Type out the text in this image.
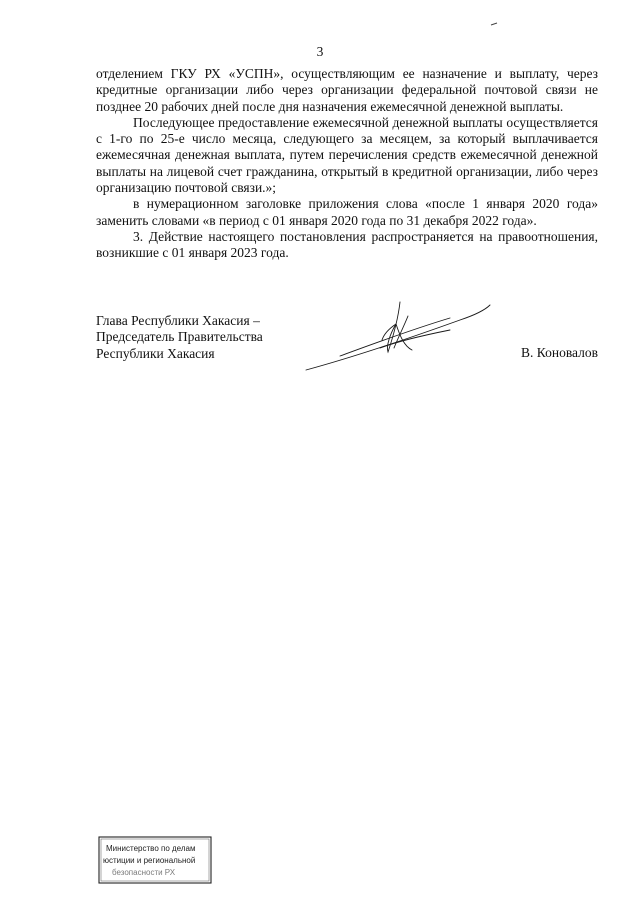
3

отделением ГКУ РХ «УСПН», осуществляющим ее назначение и выплату, через кредитные организации либо через организации федеральной почтовой связи не позднее 20 рабочих дней после дня назначения ежемесячной денежной выплаты.

Последующее предоставление ежемесячной денежной выплаты осуществляется с 1-го по 25-е число месяца, следующего за месяцем, за который выплачивается ежемесячная денежная выплата, путем перечисления средств ежемесячной денежной выплаты на лицевой счет гражданина, открытый в кредитной организации, либо через организацию почтовой связи.»;

в нумерационном заголовке приложения слова «после 1 января 2020 года» заменить словами «в период с 01 января 2020 года по 31 декабря 2022 года».

3. Действие настоящего постановления распространяется на правоотношения, возникшие с 01 января 2023 года.

Глава Республики Хакасия –
Председатель Правительства
Республики Хакасия	В. Коновалов
Министерство по делам
юстиции и региональной
безопасности РХ
